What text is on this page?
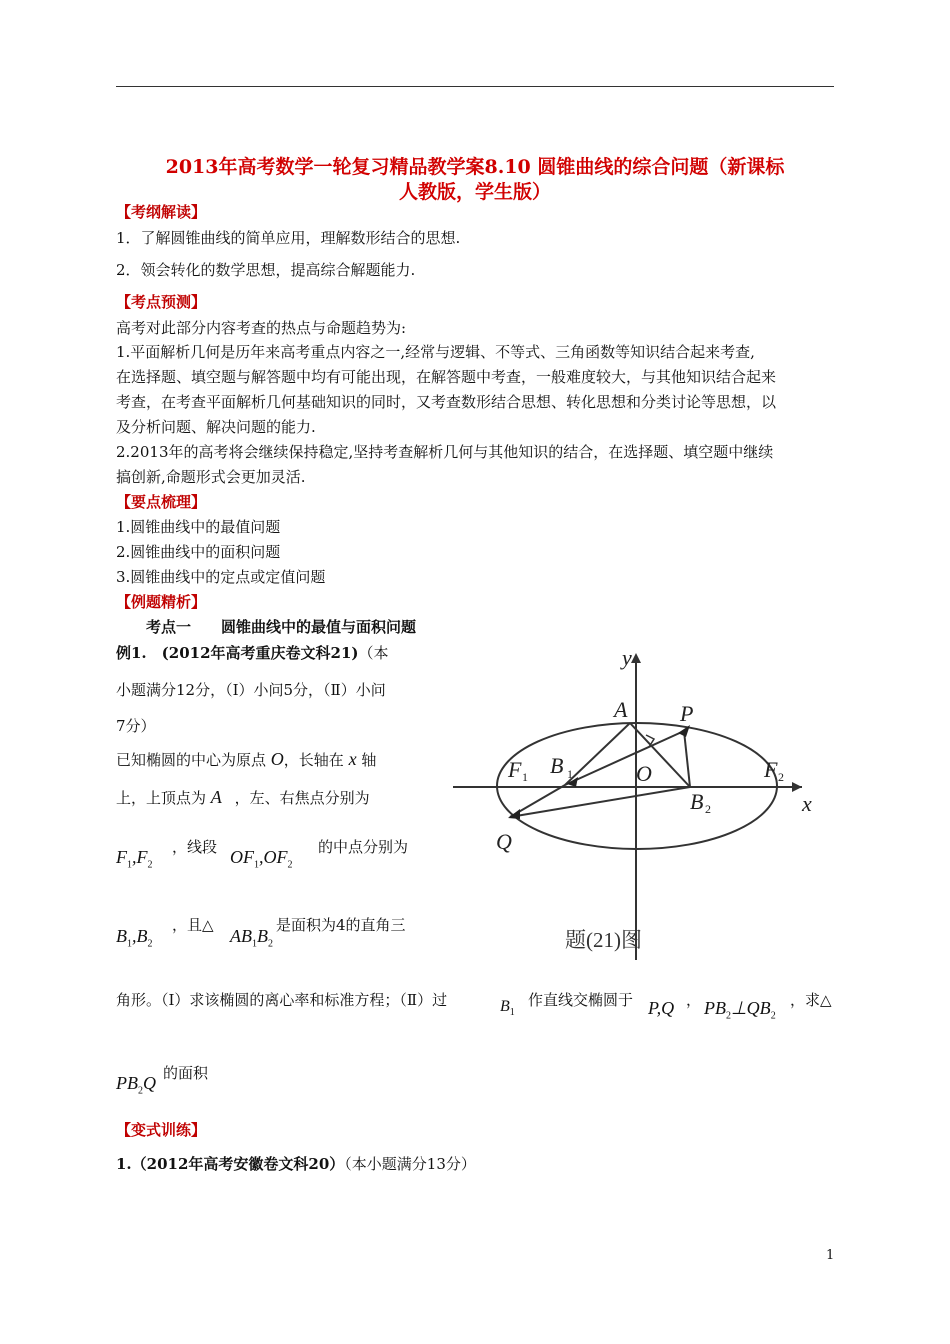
2013年高考数学一轮复习精品教学案8.10 圆锥曲线的综合问题（新课标
人教版，学生版）
【考纲解读】
1．了解圆锥曲线的简单应用，理解数形结合的思想.
2．领会转化的数学思想，提高综合解题能力.
【考点预测】
高考对此部分内容考查的热点与命题趋势为:
1.平面解析几何是历年来高考重点内容之一,经常与逻辑、不等式、三角函数等知识结合起来考查,
在选择题、填空题与解答题中均有可能出现，在解答题中考查，一般难度较大，与其他知识结合起来
考查，在考查平面解析几何基础知识的同时，又考查数形结合思想、转化思想和分类讨论等思想，以
及分析问题、解决问题的能力.
2.2013年的高考将会继续保持稳定,坚持考查解析几何与其他知识的结合，在选择题、填空题中继续
搞创新,命题形式会更加灵活.
【要点梳理】
1.圆锥曲线中的最值问题
2.圆锥曲线中的面积问题
3.圆锥曲线中的定点或定值问题
【例题精析】
考点一　　圆锥曲线中的最值与面积问题
例1.　(2012年高考重庆卷文科21)（本
小题满分12分，（Ⅰ）小问5分，（Ⅱ）小问
7分）
已知椭圆的中心为原点 O，长轴在 x 轴
上，上顶点为 A ，左、右焦点分别为
$F_1,F_2$
，线段 $OF_1,OF_2$
的中点分别为
$B_1,B_2$
，且△
$AB_1B_2$
是面积为4的直角三
角形。（Ⅰ）求该椭圆的离心率和标准方程；（Ⅱ）过	$B_1$
作直线交椭圆于 P,Q ， $PB_2\perp QB_2$
，求△
$PB_2Q$ 的面积
y
x
A P
F B	O	F
B
Q
1	1	2
2
题(21)图
【变式训练】
1.（2012年高考安徽卷文科20）（本小题满分13分）
1
